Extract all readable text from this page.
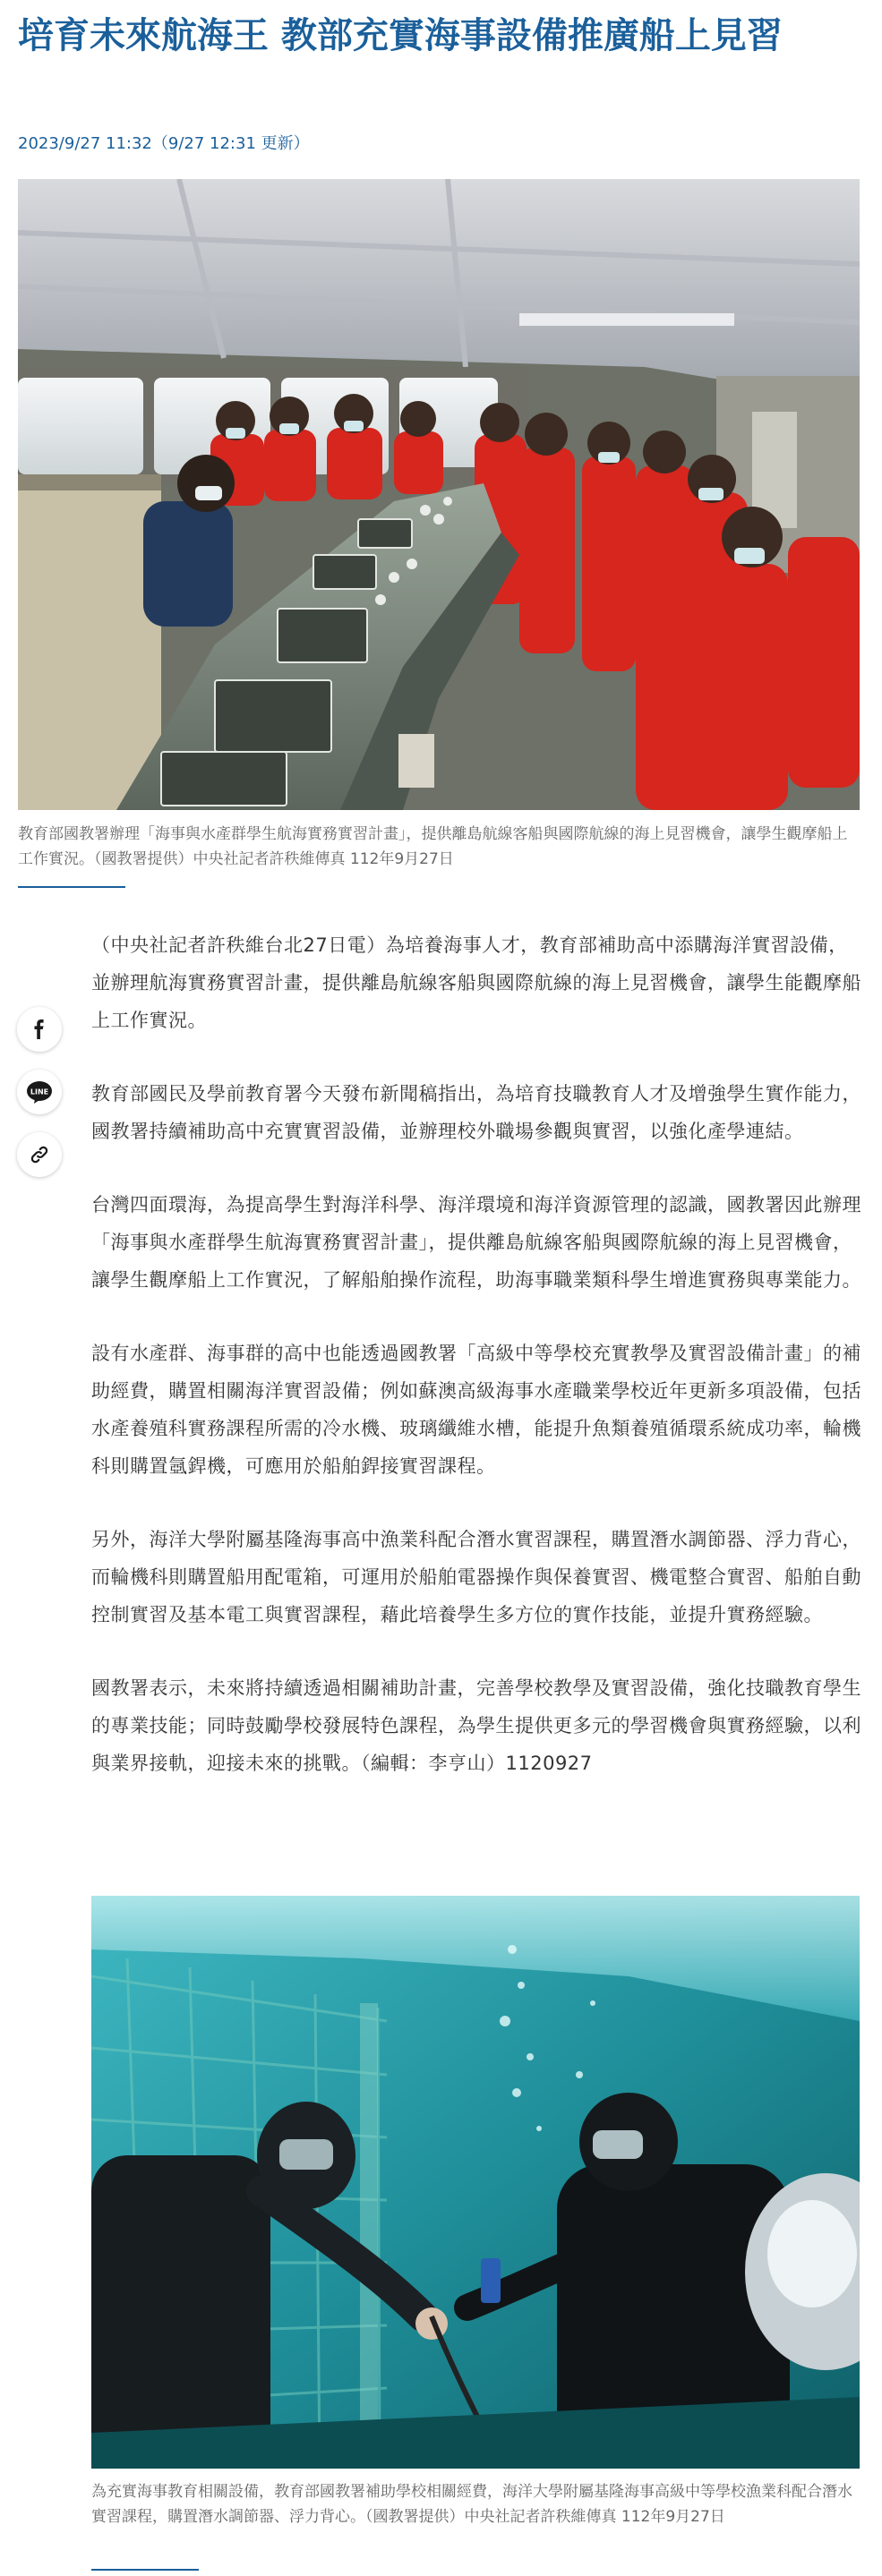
培育未來航海王 教部充實海事設備推廣船上見習
2023/9/27 11:32（9/27 12:31 更新）
教育部國教署辦理「海事與水產群學生航海實務實習計畫」，提供離島航線客船與國際航線的海上見習機會，讓學生觀摩船上工作實況。（國教署提供）中央社記者許秩維傳真 112年9月27日
LINE

（中央社記者許秩維台北27日電）為培養海事人才，教育部補助高中添購海洋實習設備，並辦理航海實務實習計畫，提供離島航線客船與國際航線的海上見習機會，讓學生能觀摩船上工作實況。

教育部國民及學前教育署今天發布新聞稿指出，為培育技職教育人才及增強學生實作能力，國教署持續補助高中充實實習設備，並辦理校外職場參觀與實習，以強化產學連結。

台灣四面環海，為提高學生對海洋科學、海洋環境和海洋資源管理的認識，國教署因此辦理「海事與水產群學生航海實務實習計畫」，提供離島航線客船與國際航線的海上見習機會，讓學生觀摩船上工作實況，了解船舶操作流程，助海事職業類科學生增進實務與專業能力。

設有水產群、海事群的高中也能透過國教署「高級中等學校充實教學及實習設備計畫」的補助經費，購置相關海洋實習設備；例如蘇澳高級海事水產職業學校近年更新多項設備，包括水產養殖科實務課程所需的冷水機、玻璃纖維水槽，能提升魚類養殖循環系統成功率，輪機科則購置氬銲機，可應用於船舶銲接實習課程。

另外，海洋大學附屬基隆海事高中漁業科配合潛水實習課程，購置潛水調節器、浮力背心，而輪機科則購置船用配電箱，可運用於船舶電器操作與保養實習、機電整合實習、船舶自動控制實習及基本電工與實習課程，藉此培養學生多方位的實作技能，並提升實務經驗。

國教署表示，未來將持續透過相關補助計畫，完善學校教學及實習設備，強化技職教育學生的專業技能；同時鼓勵學校發展特色課程，為學生提供更多元的學習機會與實務經驗，以利與業界接軌，迎接未來的挑戰。（編輯：李亨山）1120927

為充實海事教育相關設備，教育部國教署補助學校相關經費，海洋大學附屬基隆海事高級中等學校漁業科配合潛水實習課程，購置潛水調節器、浮力背心。（國教署提供）中央社記者許秩維傳真 112年9月27日
